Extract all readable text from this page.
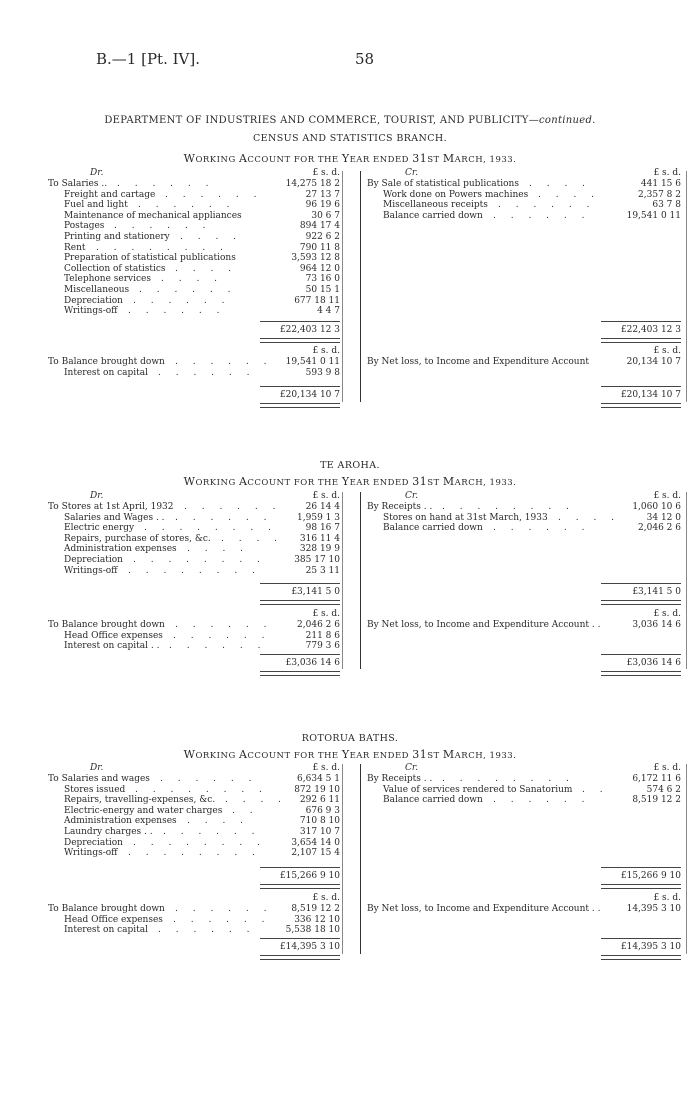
B.—1 [Pt. IV].	58
DEPARTMENT OF INDUSTRIES AND COMMERCE, TOURIST, AND PUBLICITY—continued.
CENSUS AND STATISTICS BRANCH.
WORKING ACCOUNT FOR THE YEAR ENDED 31ST MARCH, 1933.
Dr.	Cr.
£ s. d.	£ s. d.
To Salaries .. . . . . . .	14,275 18 2
Freight and cartage . . . . . .	27 13 7
Fuel and light . . . . . .	96 19 6
Maintenance of mechanical appliances	30 6 7
Postages . . . . . .	894 17 4
Printing and stationery . . . .	922 6 2
Rent . . . . . . . .	790 11 8
Preparation of statistical publications	3,593 12 8
Collection of statistics . . . .	964 12 0
Telephone services . . . .	73 16 0
Miscellaneous . . . . . .	50 15 1
Depreciation . . . . . .	677 18 11
Writings-off . . . . . .	4 4 7
By Sale of statistical publications . . . .	441 15 6
Work done on Powers machines . . . .	2,357 8 2
Miscellaneous receipts . . . . . .	63 7 8
Balance carried down . . . . . .	19,541 0 11
£22,403 12 3	£22,403 12 3
£ s. d.	£ s. d.
To Balance brought down . . . . . .	19,541 0 11
Interest on capital . . . . . .	593 9 8
By Net loss, to Income and Expenditure Account	20,134 10 7
£20,134 10 7	£20,134 10 7
TE AROHA.
WORKING ACCOUNT FOR THE YEAR ENDED 31ST MARCH, 1933.
Dr.	Cr.
£ s. d.	£ s. d.
To Stores at 1st April, 1932 . . . . . .	26 14 4
Salaries and Wages . . . . . . . .	1,959 1 3
Electric energy . . . . . . . .	98 16 7
Repairs, purchase of stores, &c. . . . .	316 11 4
Administration expenses . . . .	328 19 9
Depreciation . . . . . . . .	385 17 10
Writings-off . . . . . . . .	25 3 11
By Receipts . . . . . . . . . .	1,060 10 6
Stores on hand at 31st March, 1933 . . . .	34 12 0
Balance carried down . . . . . .	2,046 2 6
£3,141 5 0	£3,141 5 0
£ s. d.	£ s. d.
To Balance brought down . . . . . .	2,046 2 6
Head Office expenses . . . . . .	211 8 6
Interest on capital . . . . . . . .	779 3 6
By Net loss, to Income and Expenditure Account . .	3,036 14 6
£3,036 14 6	£3,036 14 6
ROTORUA BATHS.
WORKING ACCOUNT FOR THE YEAR ENDED 31ST MARCH, 1933.
Dr.	Cr.
£ s. d.	£ s. d.
To Salaries and wages . . . . . .	6,634 5 1
Stores issued . . . . . . . .	872 19 10
Repairs, travelling-expenses, &c. . . . .	292 6 11
Electric-energy and water charges . .	676 9 3
Administration expenses . . . .	710 8 10
Laundry charges . . . . . . . .	317 10 7
Depreciation . . . . . . . .	3,654 14 0
Writings-off . . . . . . . .	2,107 15 4
By Receipts . . . . . . . . . .	6,172 11 6
Value of services rendered to Sanatorium . .	574 6 2
Balance carried down . . . . . .	8,519 12 2
£15,266 9 10	£15,266 9 10
£ s. d.	£ s. d.
To Balance brought down . . . . . .	8,519 12 2
Head Office expenses . . . . . .	336 12 10
Interest on capital . . . . . .	5,538 18 10
By Net loss, to Income and Expenditure Account . .	14,395 3 10
£14,395 3 10	£14,395 3 10
